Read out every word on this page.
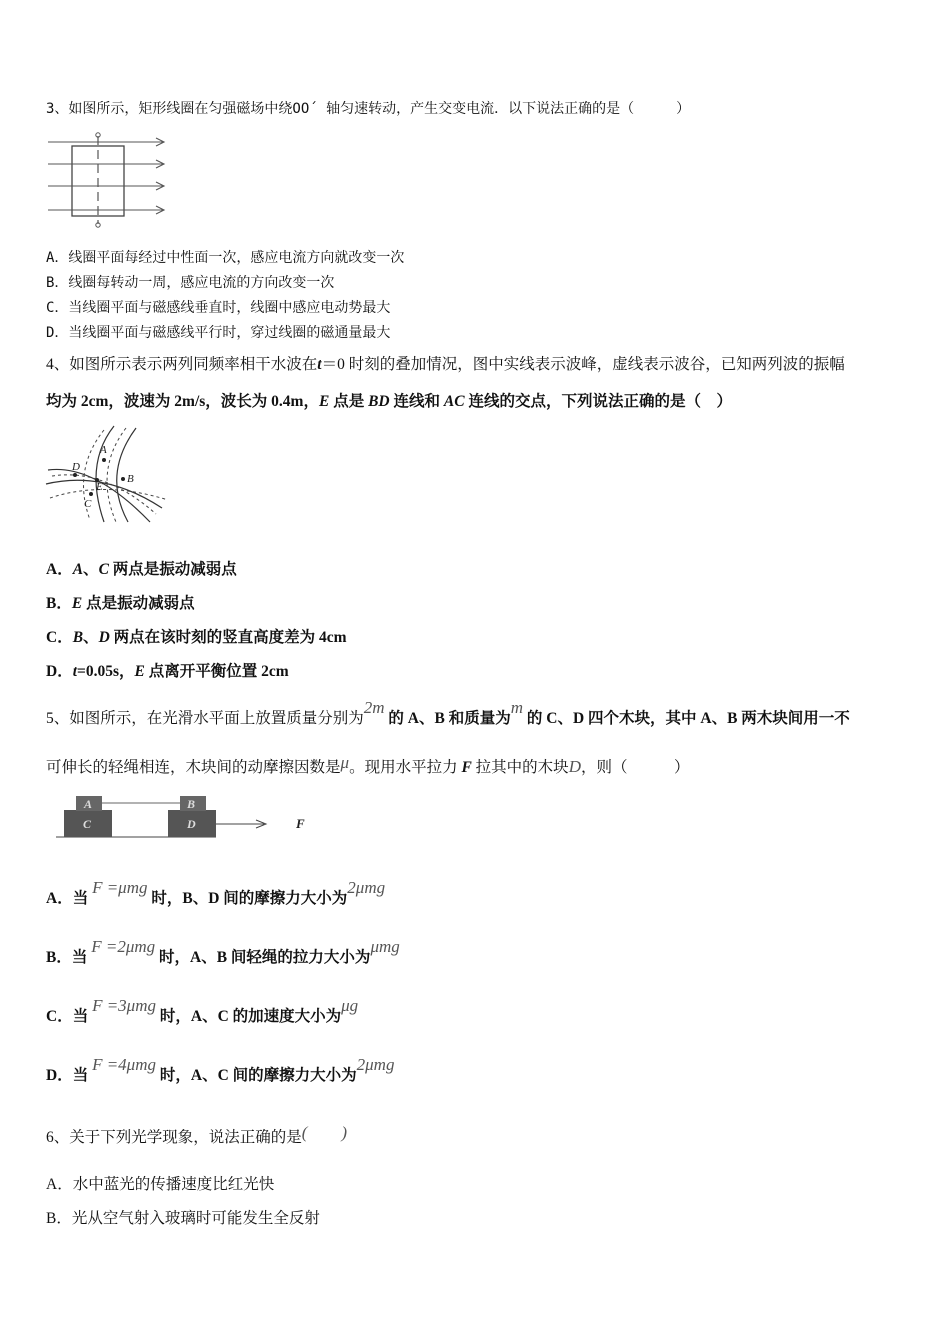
3、如图所示，矩形线圈在匀强磁场中绕OO´ 轴匀速转动，产生交变电流．以下说法正确的是（　　　）
A．线圈平面每经过中性面一次，感应电流方向就改变一次
B．线圈每转动一周，感应电流的方向改变一次
C．当线圈平面与磁感线垂直时，线圈中感应电动势最大
D．当线圈平面与磁感线平行时，穿过线圈的磁通量最大
4、如图所示表示两列同频率相干水波在t＝0 时刻的叠加情况，图中实线表示波峰，虚线表示波谷，已知两列波的振幅
均为 2cm，波速为 2m/s，波长为 0.4m，E 点是 BD 连线和 AC 连线的交点，下列说法正确的是（　）
A
B
C
D
E
A．A、C 两点是振动减弱点
B．E 点是振动减弱点
C．B、D 两点在该时刻的竖直高度差为 4cm
D．t=0.05s，E 点离开平衡位置 2cm
5、如图所示，在光滑水平面上放置质量分别为2m 的 A、B 和质量为m 的 C、D 四个木块，其中 A、B 两木块间用一不
可伸长的轻绳相连，木块间的动摩擦因数是μ。现用水平拉力 F 拉其中的木块D，则（　　　）
A	B
C	D	F
A．当 F =μmg 时，B、D 间的摩擦力大小为2μmg
B．当 F =2μmg 时，A、B 间轻绳的拉力大小为μmg
C．当 F =3μmg 时，A、C 的加速度大小为μg
D．当 F =4μmg 时，A、C 间的摩擦力大小为2μmg
6、关于下列光学现象，说法正确的是(　　)
A．水中蓝光的传播速度比红光快
B．光从空气射入玻璃时可能发生全反射
